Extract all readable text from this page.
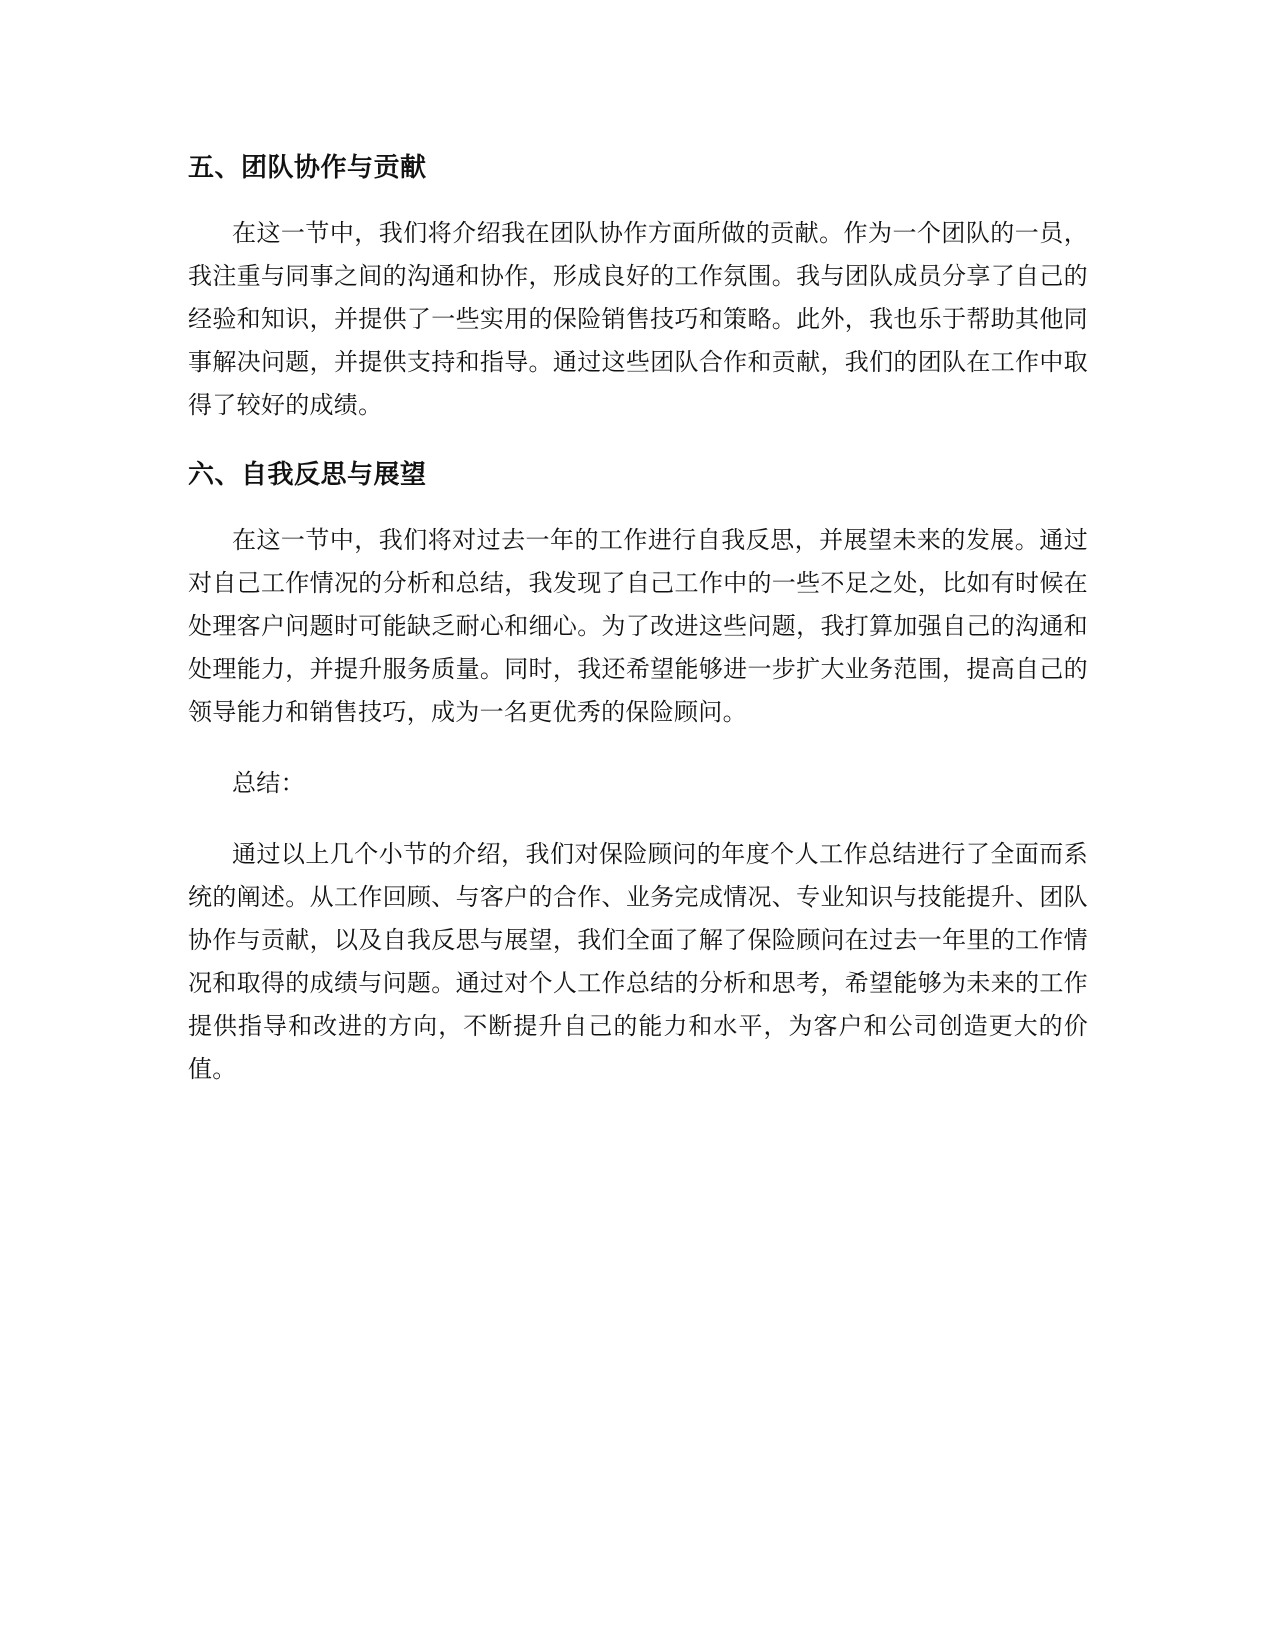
五、团队协作与贡献

在这一节中，我们将介绍我在团队协作方面所做的贡献。作为一个团队的一员，我注重与同事之间的沟通和协作，形成良好的工作氛围。我与团队成员分享了自己的经验和知识，并提供了一些实用的保险销售技巧和策略。此外，我也乐于帮助其他同事解决问题，并提供支持和指导。通过这些团队合作和贡献，我们的团队在工作中取得了较好的成绩。

六、自我反思与展望

在这一节中，我们将对过去一年的工作进行自我反思，并展望未来的发展。通过对自己工作情况的分析和总结，我发现了自己工作中的一些不足之处，比如有时候在处理客户问题时可能缺乏耐心和细心。为了改进这些问题，我打算加强自己的沟通和处理能力，并提升服务质量。同时，我还希望能够进一步扩大业务范围，提高自己的领导能力和销售技巧，成为一名更优秀的保险顾问。

总结：

通过以上几个小节的介绍，我们对保险顾问的年度个人工作总结进行了全面而系统的阐述。从工作回顾、与客户的合作、业务完成情况、专业知识与技能提升、团队协作与贡献，以及自我反思与展望，我们全面了解了保险顾问在过去一年里的工作情况和取得的成绩与问题。通过对个人工作总结的分析和思考，希望能够为未来的工作提供指导和改进的方向，不断提升自己的能力和水平，为客户和公司创造更大的价值。
